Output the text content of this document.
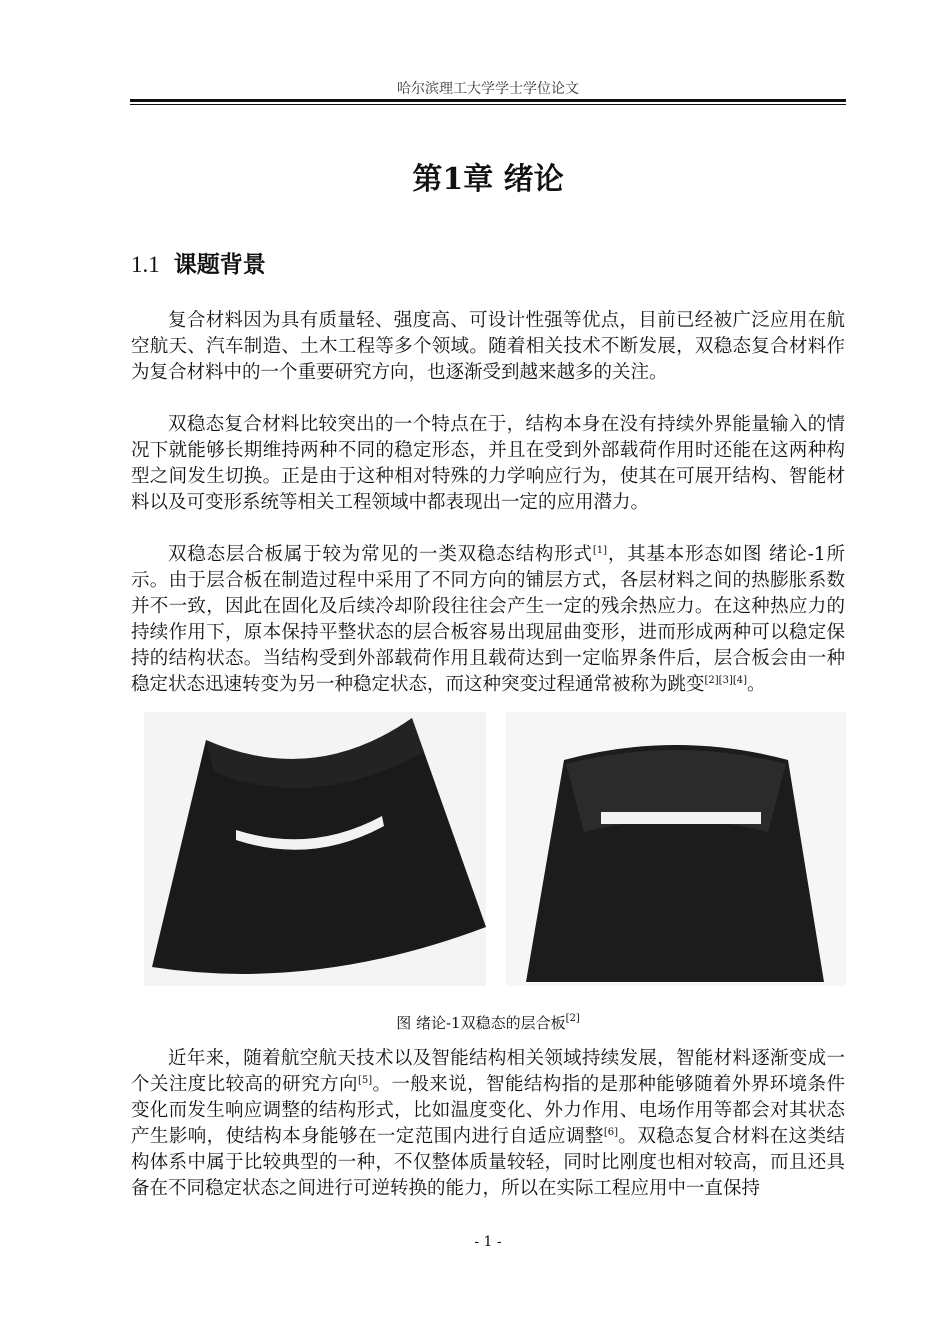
哈尔滨理工大学学士学位论文
第1章 绪论
1.1 课题背景

复合材料因为具有质量轻、强度高、可设计性强等优点，目前已经被广泛应用在航空航天、汽车制造、土木工程等多个领域。随着相关技术不断发展，双稳态复合材料作为复合材料中的一个重要研究方向，也逐渐受到越来越多的关注。

双稳态复合材料比较突出的一个特点在于，结构本身在没有持续外界能量输入的情况下就能够长期维持两种不同的稳定形态，并且在受到外部载荷作用时还能在这两种构型之间发生切换。正是由于这种相对特殊的力学响应行为，使其在可展开结构、智能材料以及可变形系统等相关工程领域中都表现出一定的应用潜力。

双稳态层合板属于较为常见的一类双稳态结构形式[1]，其基本形态如图 绪论-1所示。由于层合板在制造过程中采用了不同方向的铺层方式，各层材料之间的热膨胀系数并不一致，因此在固化及后续冷却阶段往往会产生一定的残余热应力。在这种热应力的持续作用下，原本保持平整状态的层合板容易出现屈曲变形，进而形成两种可以稳定保持的结构状态。当结构受到外部载荷作用且载荷达到一定临界条件后，层合板会由一种稳定状态迅速转变为另一种稳定状态，而这种突变过程通常被称为跳变[2][3][4]。

图 绪论-1双稳态的层合板[2]

近年来，随着航空航天技术以及智能结构相关领域持续发展，智能材料逐渐变成一个关注度比较高的研究方向[5]。一般来说，智能结构指的是那种能够随着外界环境条件变化而发生响应调整的结构形式，比如温度变化、外力作用、电场作用等都会对其状态产生影响，使结构本身能够在一定范围内进行自适应调整[6]。双稳态复合材料在这类结构体系中属于比较典型的一种，不仅整体质量较轻，同时比刚度也相对较高，而且还具备在不同稳定状态之间进行可逆转换的能力，所以在实际工程应用中一直保持

- 1 -
